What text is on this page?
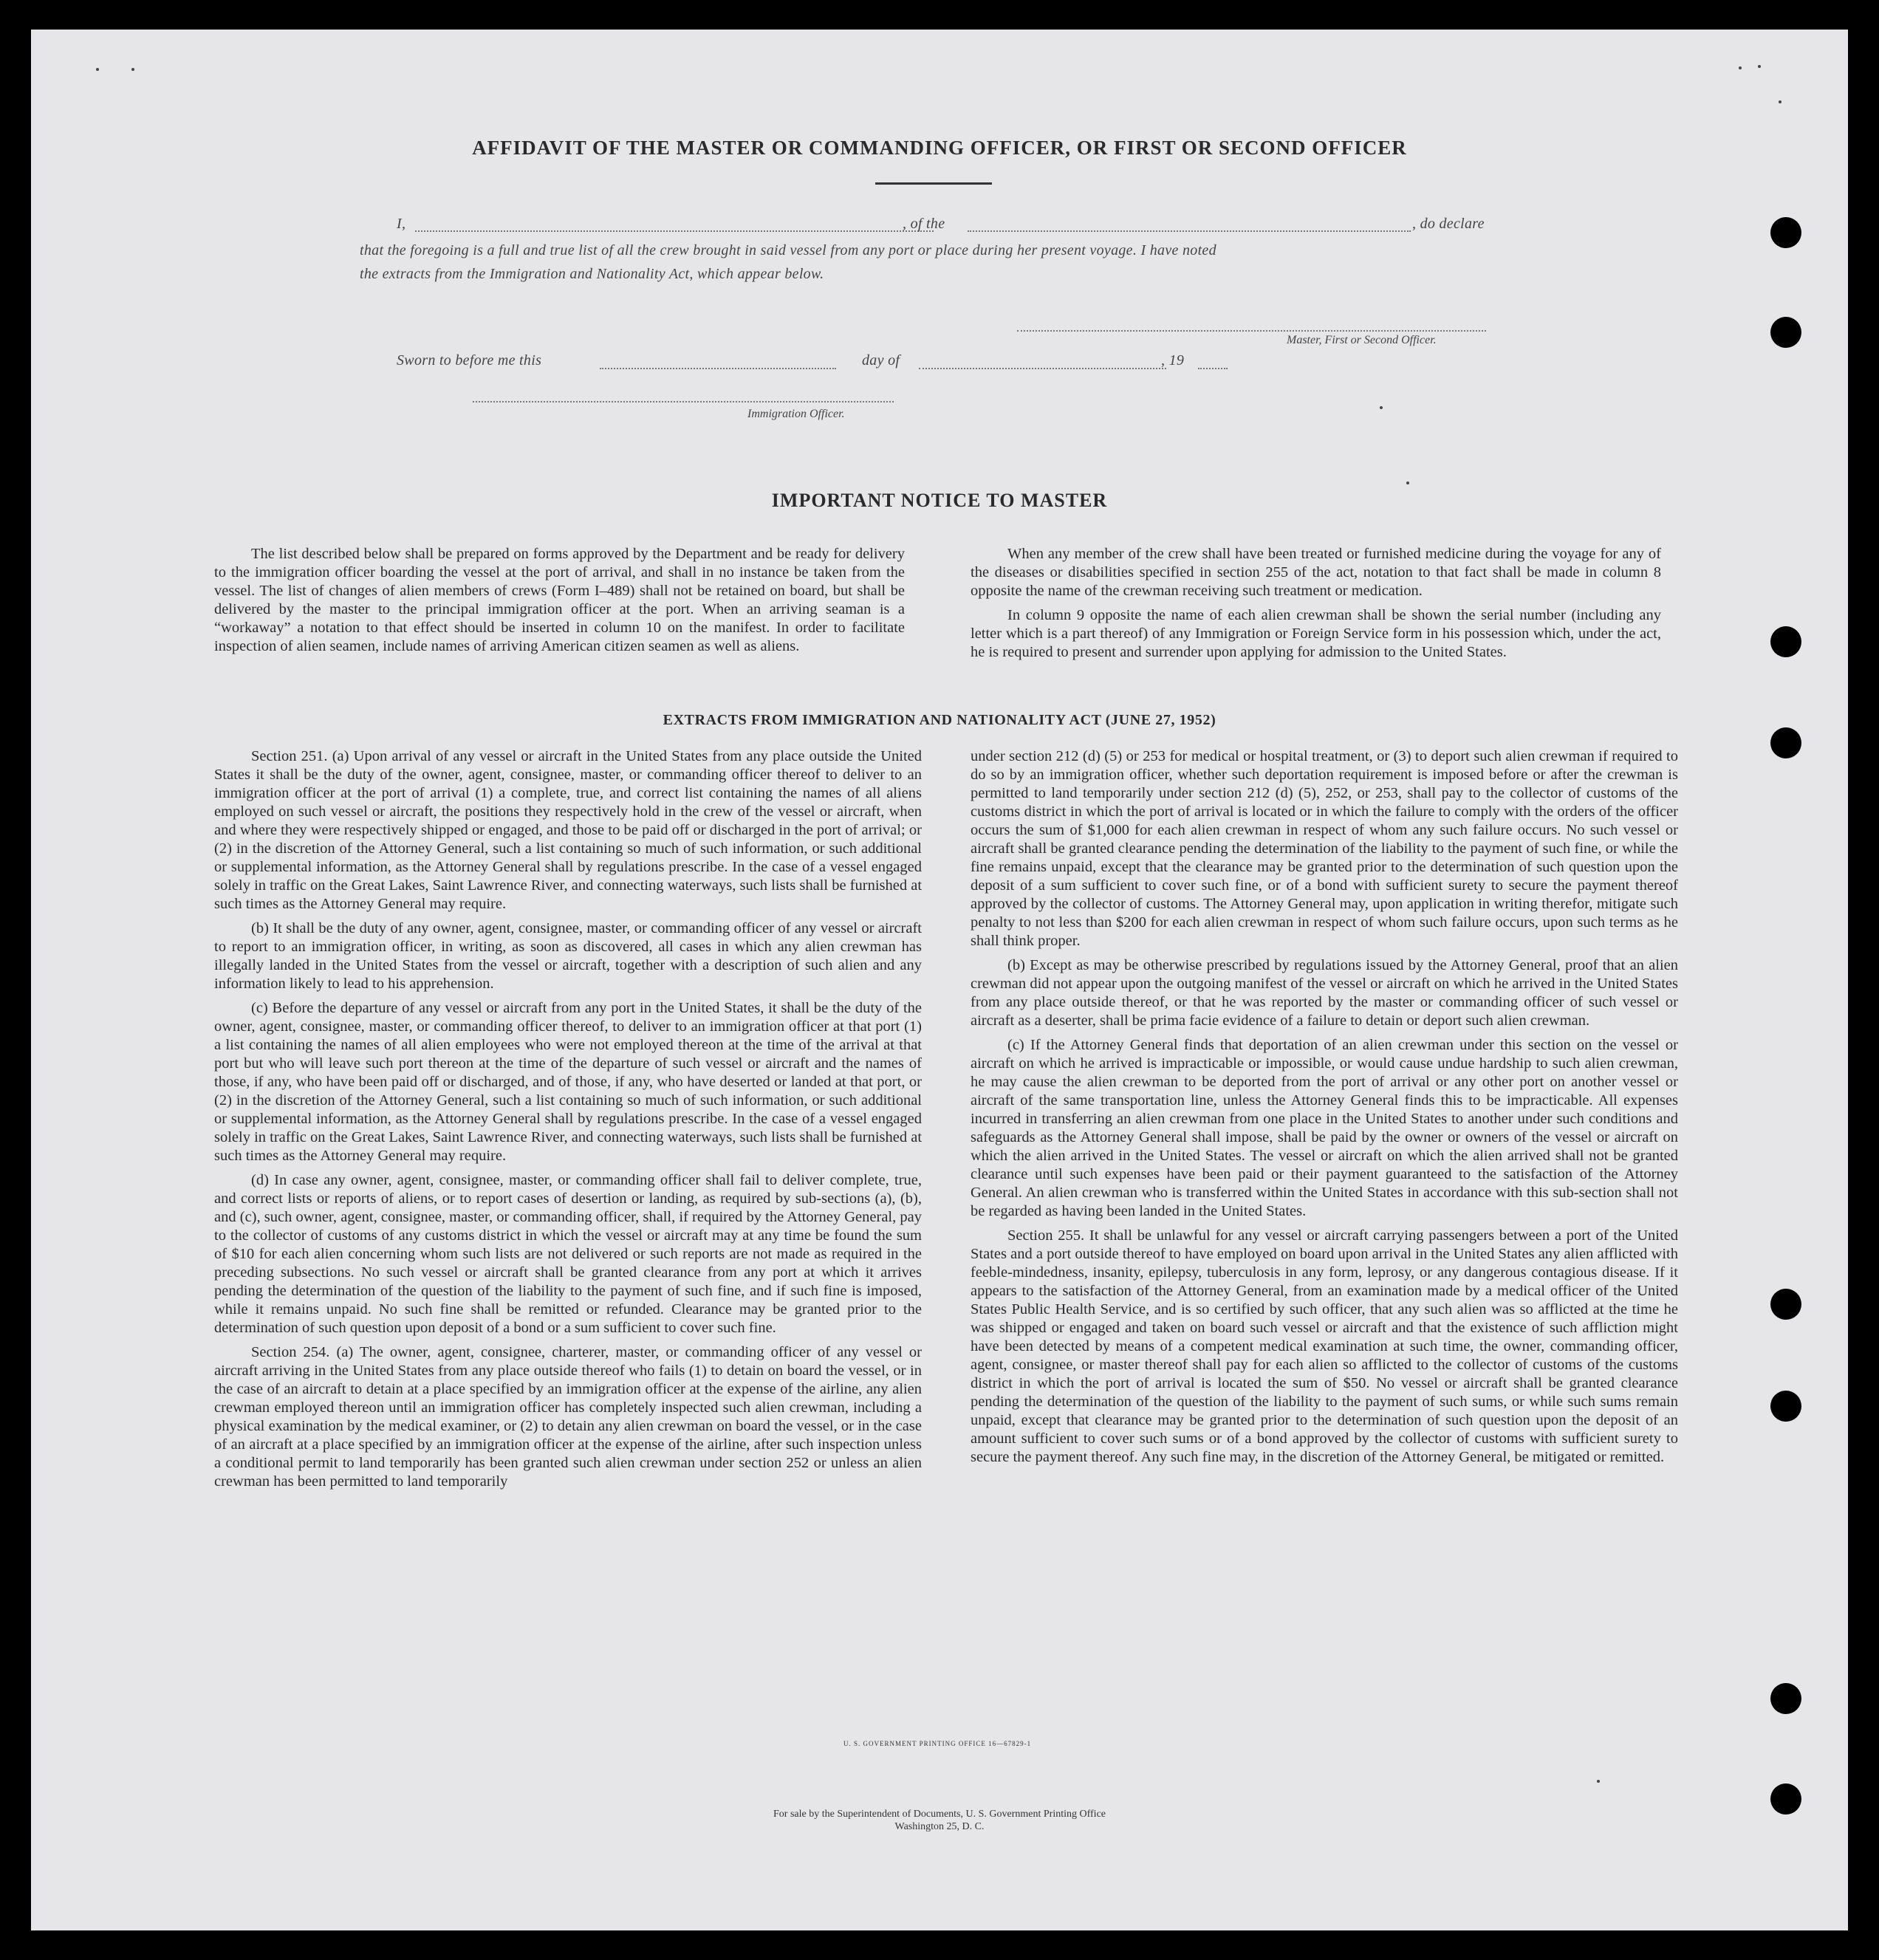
AFFIDAVIT OF THE MASTER OR COMMANDING OFFICER, OR FIRST OR SECOND OFFICER
I,	, of the	, do declare
that the foregoing is a full and true list of all the crew brought in said vessel from any port or place during her present voyage. I have noted
the extracts from the Immigration and Nationality Act, which appear below.
Master, First or Second Officer.
Sworn to before me this	day of	, 19
Immigration Officer.
IMPORTANT NOTICE TO MASTER

The list described below shall be prepared on forms approved by the Department and be ready for delivery to the immigration officer boarding the vessel at the port of arrival, and shall in no instance be taken from the vessel. The list of changes of alien members of crews (Form I–489) shall not be retained on board, but shall be delivered by the master to the principal immigration officer at the port. When an arriving seaman is a “workaway” a notation to that effect should be inserted in column 10 on the manifest. In order to facilitate inspection of alien seamen, include names of arriving American citizen seamen as well as aliens.

When any member of the crew shall have been treated or furnished medicine during the voyage for any of the diseases or disabilities specified in section 255 of the act, notation to that fact shall be made in column 8 opposite the name of the crewman receiving such treatment or medication.

In column 9 opposite the name of each alien crewman shall be shown the serial number (including any letter which is a part thereof) of any Immigration or Foreign Service form in his possession which, under the act, he is required to present and surrender upon applying for admission to the United States.

EXTRACTS FROM IMMIGRATION AND NATIONALITY ACT (JUNE 27, 1952)

Section 251. (a) Upon arrival of any vessel or aircraft in the United States from any place outside the United States it shall be the duty of the owner, agent, consignee, master, or commanding officer thereof to deliver to an immigration officer at the port of arrival (1) a complete, true, and correct list containing the names of all aliens employed on such vessel or aircraft, the positions they respectively hold in the crew of the vessel or aircraft, when and where they were respectively shipped or engaged, and those to be paid off or discharged in the port of arrival; or (2) in the discretion of the Attorney General, such a list containing so much of such information, or such additional or supplemental information, as the Attorney General shall by regulations prescribe. In the case of a vessel engaged solely in traffic on the Great Lakes, Saint Lawrence River, and connecting waterways, such lists shall be furnished at such times as the Attorney General may require.

(b) It shall be the duty of any owner, agent, consignee, master, or commanding officer of any vessel or aircraft to report to an immigration officer, in writing, as soon as discovered, all cases in which any alien crewman has illegally landed in the United States from the vessel or aircraft, together with a description of such alien and any information likely to lead to his apprehension.

(c) Before the departure of any vessel or aircraft from any port in the United States, it shall be the duty of the owner, agent, consignee, master, or commanding officer thereof, to deliver to an immigration officer at that port (1) a list containing the names of all alien employees who were not employed thereon at the time of the arrival at that port but who will leave such port thereon at the time of the departure of such vessel or aircraft and the names of those, if any, who have been paid off or discharged, and of those, if any, who have deserted or landed at that port, or (2) in the discretion of the Attorney General, such a list containing so much of such information, or such additional or supplemental information, as the Attorney General shall by regulations prescribe. In the case of a vessel engaged solely in traffic on the Great Lakes, Saint Lawrence River, and connecting waterways, such lists shall be furnished at such times as the Attorney General may require.

(d) In case any owner, agent, consignee, master, or commanding officer shall fail to deliver complete, true, and correct lists or reports of aliens, or to report cases of desertion or landing, as required by sub-sections (a), (b), and (c), such owner, agent, consignee, master, or commanding officer, shall, if required by the Attorney General, pay to the collector of customs of any customs district in which the vessel or aircraft may at any time be found the sum of $10 for each alien concerning whom such lists are not delivered or such reports are not made as required in the preceding subsections. No such vessel or aircraft shall be granted clearance from any port at which it arrives pending the determination of the question of the liability to the payment of such fine, and if such fine is imposed, while it remains unpaid. No such fine shall be remitted or refunded. Clearance may be granted prior to the determination of such question upon deposit of a bond or a sum sufficient to cover such fine.

Section 254. (a) The owner, agent, consignee, charterer, master, or commanding officer of any vessel or aircraft arriving in the United States from any place outside thereof who fails (1) to detain on board the vessel, or in the case of an aircraft to detain at a place specified by an immigration officer at the expense of the airline, any alien crewman employed thereon until an immigration officer has completely inspected such alien crewman, including a physical examination by the medical examiner, or (2) to detain any alien crewman on board the vessel, or in the case of an aircraft at a place specified by an immigration officer at the expense of the airline, after such inspection unless a conditional permit to land temporarily has been granted such alien crewman under section 252 or unless an alien crewman has been permitted to land temporarily

under section 212 (d) (5) or 253 for medical or hospital treatment, or (3) to deport such alien crewman if required to do so by an immigration officer, whether such deportation requirement is imposed before or after the crewman is permitted to land temporarily under section 212 (d) (5), 252, or 253, shall pay to the collector of customs of the customs district in which the port of arrival is located or in which the failure to comply with the orders of the officer occurs the sum of $1,000 for each alien crewman in respect of whom any such failure occurs. No such vessel or aircraft shall be granted clearance pending the determination of the liability to the payment of such fine, or while the fine remains unpaid, except that the clearance may be granted prior to the determination of such question upon the deposit of a sum sufficient to cover such fine, or of a bond with sufficient surety to secure the payment thereof approved by the collector of customs. The Attorney General may, upon application in writing therefor, mitigate such penalty to not less than $200 for each alien crewman in respect of whom such failure occurs, upon such terms as he shall think proper.

(b) Except as may be otherwise prescribed by regulations issued by the Attorney General, proof that an alien crewman did not appear upon the outgoing manifest of the vessel or aircraft on which he arrived in the United States from any place outside thereof, or that he was reported by the master or commanding officer of such vessel or aircraft as a deserter, shall be prima facie evidence of a failure to detain or deport such alien crewman.

(c) If the Attorney General finds that deportation of an alien crewman under this section on the vessel or aircraft on which he arrived is impracticable or impossible, or would cause undue hardship to such alien crewman, he may cause the alien crewman to be deported from the port of arrival or any other port on another vessel or aircraft of the same transportation line, unless the Attorney General finds this to be impracticable. All expenses incurred in transferring an alien crewman from one place in the United States to another under such conditions and safeguards as the Attorney General shall impose, shall be paid by the owner or owners of the vessel or aircraft on which the alien arrived in the United States. The vessel or aircraft on which the alien arrived shall not be granted clearance until such expenses have been paid or their payment guaranteed to the satisfaction of the Attorney General. An alien crewman who is transferred within the United States in accordance with this sub-section shall not be regarded as having been landed in the United States.

Section 255. It shall be unlawful for any vessel or aircraft carrying passengers between a port of the United States and a port outside thereof to have employed on board upon arrival in the United States any alien afflicted with feeble-mindedness, insanity, epilepsy, tuberculosis in any form, leprosy, or any dangerous contagious disease. If it appears to the satisfaction of the Attorney General, from an examination made by a medical officer of the United States Public Health Service, and is so certified by such officer, that any such alien was so afflicted at the time he was shipped or engaged and taken on board such vessel or aircraft and that the existence of such affliction might have been detected by means of a competent medical examination at such time, the owner, commanding officer, agent, consignee, or master thereof shall pay for each alien so afflicted to the collector of customs of the customs district in which the port of arrival is located the sum of $50. No vessel or aircraft shall be granted clearance pending the determination of the question of the liability to the payment of such sums, or while such sums remain unpaid, except that clearance may be granted prior to the determination of such question upon the deposit of an amount sufficient to cover such sums or of a bond approved by the collector of customs with sufficient surety to secure the payment thereof. Any such fine may, in the discretion of the Attorney General, be mitigated or remitted.

U. S. GOVERNMENT PRINTING OFFICE 16—67829-1
For sale by the Superintendent of Documents, U. S. Government Printing Office
Washington 25, D. C.
